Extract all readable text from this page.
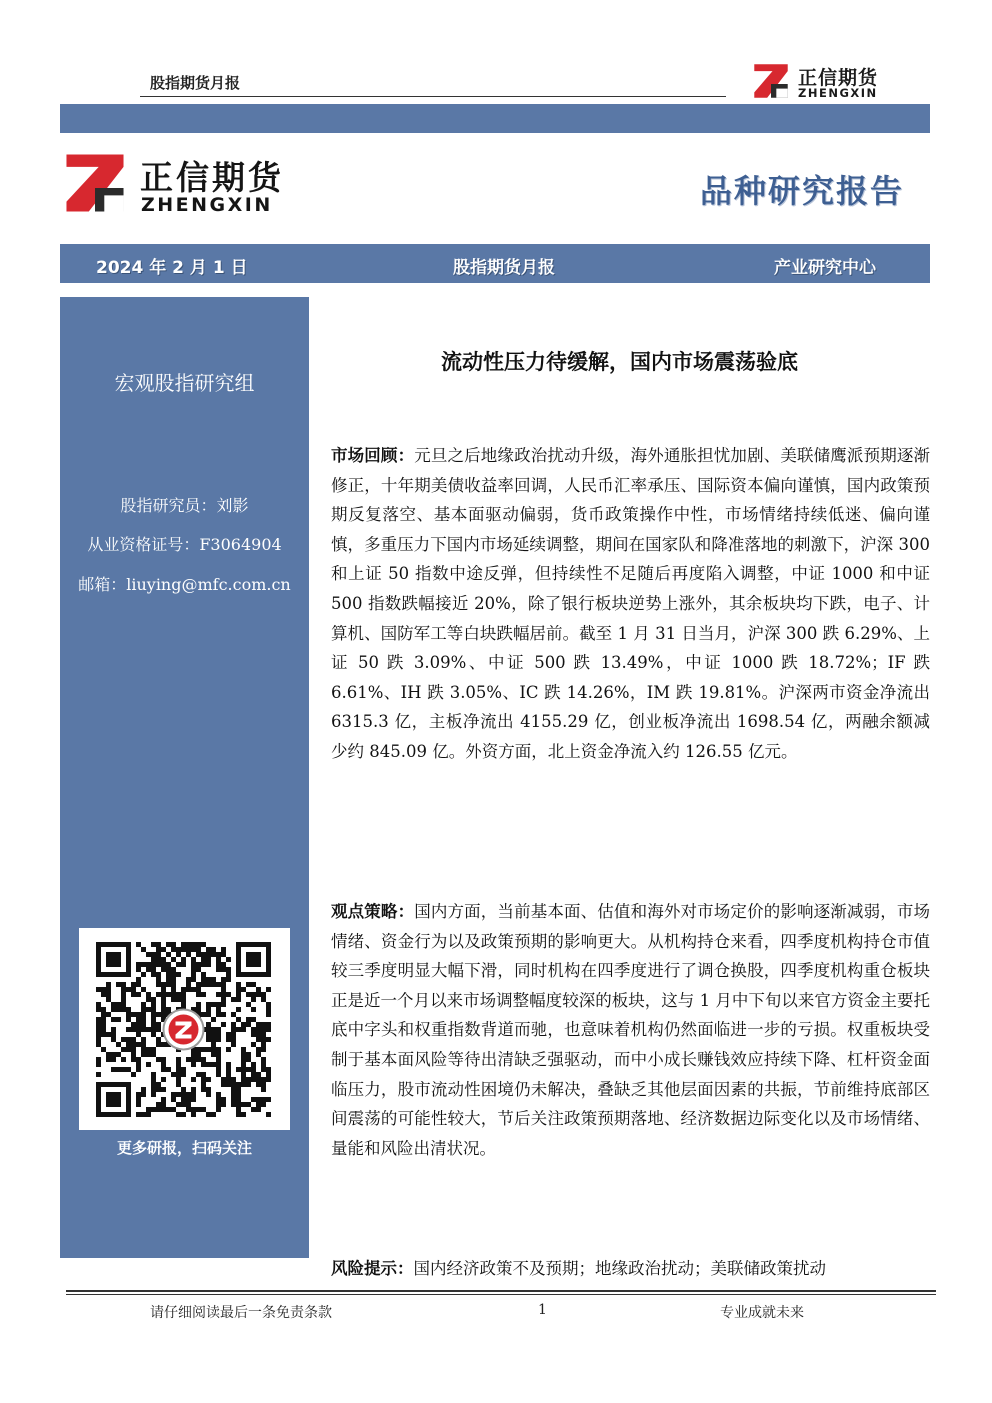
股指期货月报	正信期货
ZHENGXIN
正信期货
ZHENGXIN	品种研究报告
2024 年 2 月 1 日	股指期货月报	产业研究中心
宏观股指研究组
股指研究员：刘影
从业资格证号：F3064904
邮箱：liuying@mfc.com.cn
更多研报，扫码关注
流动性压力待缓解，国内市场震荡验底
市场回顾：元旦之后地缘政治扰动升级，海外通胀担忧加剧、美联储鹰派预期逐渐修正，十年期美债收益率回调，人民币汇率承压、国际资本偏向谨慎，国内政策预期反复落空、基本面驱动偏弱，货币政策操作中性，市场情绪持续低迷、偏向谨慎，多重压力下国内市场延续调整，期间在国家队和降准落地的刺激下，沪深 300 和上证 50 指数中途反弹，但持续性不足随后再度陷入调整，中证 1000 和中证 500 指数跌幅接近 20%，除了银行板块逆势上涨外，其余板块均下跌，电子、计算机、国防军工等白块跌幅居前。截至 1 月 31 日当月，沪深 300 跌 6.29%、上证 50 跌 3.09%、中证 500 跌 13.49%，中证 1000 跌 18.72%；IF 跌 6.61%、IH 跌 3.05%、IC 跌 14.26%，IM 跌 19.81%。沪深两市资金净流出 6315.3 亿，主板净流出 4155.29 亿，创业板净流出 1698.54 亿，两融余额减少约 845.09 亿。外资方面，北上资金净流入约 126.55 亿元。
观点策略：国内方面，当前基本面、估值和海外对市场定价的影响逐渐减弱，市场情绪、资金行为以及政策预期的影响更大。从机构持仓来看，四季度机构持仓市值较三季度明显大幅下滑，同时机构在四季度进行了调仓换股，四季度机构重仓板块正是近一个月以来市场调整幅度较深的板块，这与 1 月中下旬以来官方资金主要托底中字头和权重指数背道而驰，也意味着机构仍然面临进一步的亏损。权重板块受制于基本面风险等待出清缺乏强驱动，而中小成长赚钱效应持续下降、杠杆资金面临压力，股市流动性困境仍未解决，叠缺乏其他层面因素的共振，节前维持底部区间震荡的可能性较大，节后关注政策预期落地、经济数据边际变化以及市场情绪、量能和风险出清状况。
风险提示：国内经济政策不及预期；地缘政治扰动；美联储政策扰动
请仔细阅读最后一条免责条款	1	专业成就未来
